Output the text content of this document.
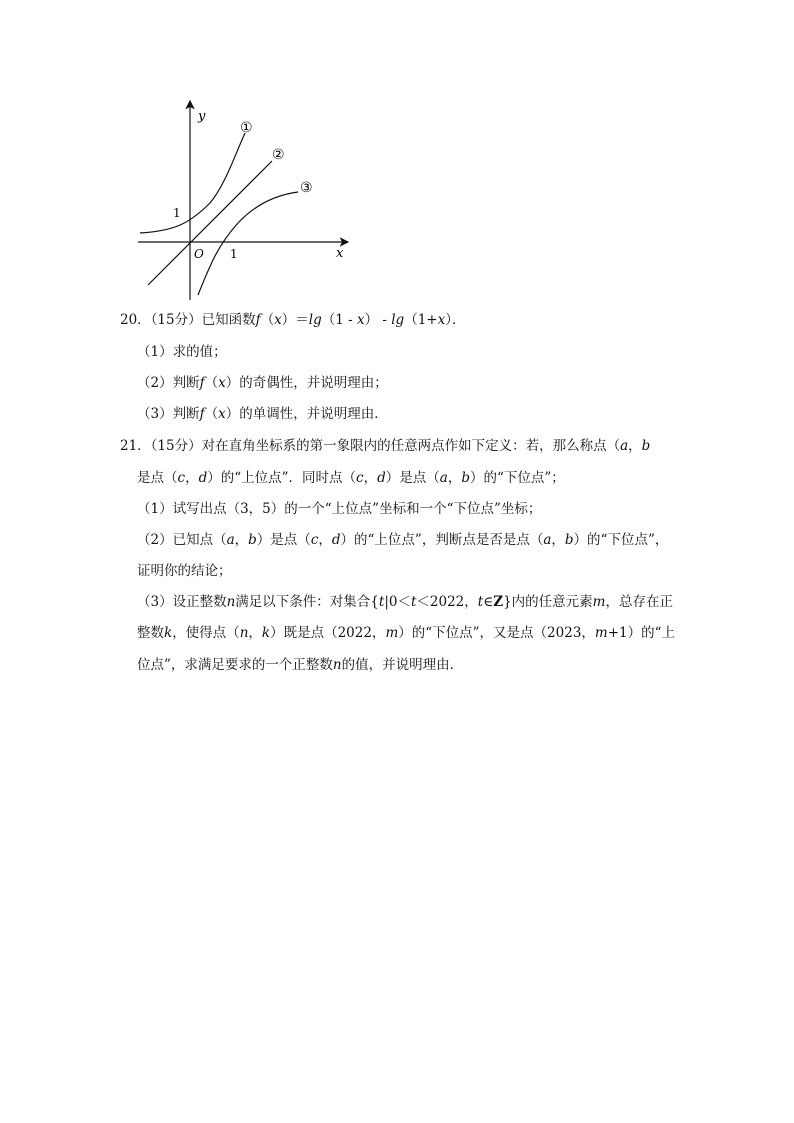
y
x
O
1
1
①
②
③
20．（15分）已知函数f（x）＝lg（1 - x） - lg（1+x）．
（1）求的值；
（2）判断f（x）的奇偶性，并说明理由；
（3）判断f（x）的单调性，并说明理由．
21．（15分）对在直角坐标系的第一象限内的任意两点作如下定义：若，那么称点（a，b
是点（c，d）的“上位点”．同时点（c，d）是点（a，b）的“下位点”；
（1）试写出点（3，5）的一个“上位点”坐标和一个“下位点”坐标；
（2）已知点（a，b）是点（c，d）的“上位点”，判断点是否是点（a，b）的“下位点”，
证明你的结论；
（3）设正整数n满足以下条件：对集合{t|0＜t＜2022，t∈Z}内的任意元素m，总存在正
整数k，使得点（n，k）既是点（2022，m）的“下位点”，又是点（2023，m+1）的“上
位点”，求满足要求的一个正整数n的值，并说明理由．
